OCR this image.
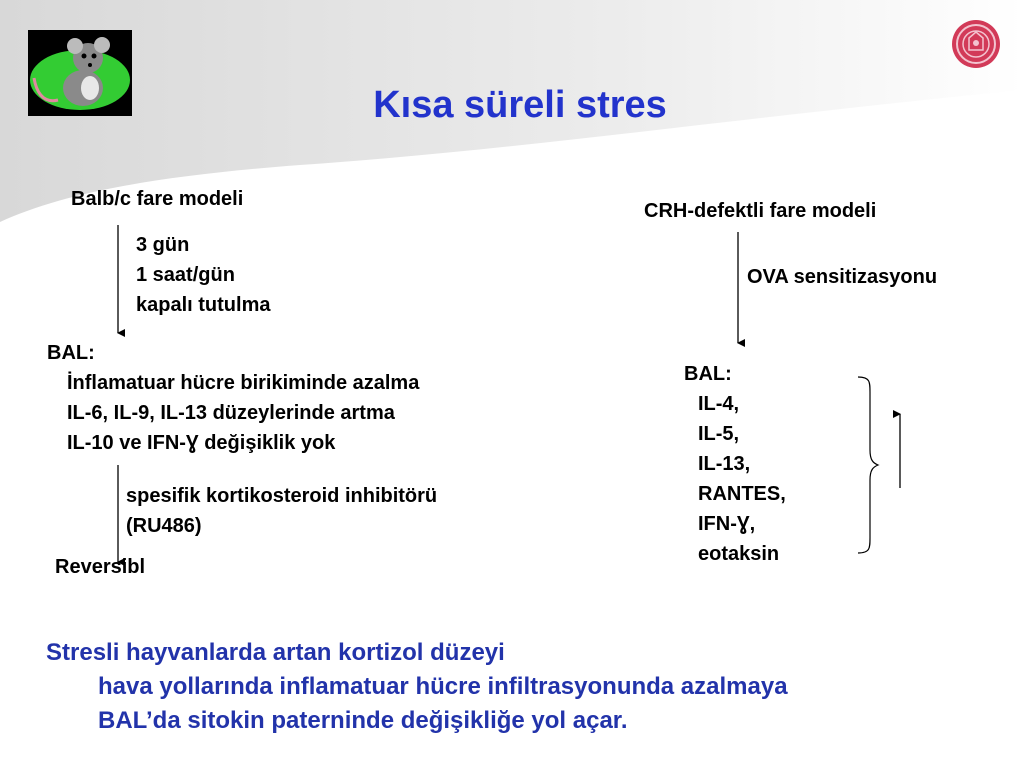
Kısa süreli stres
Balb/c fare modeli
3 gün
1 saat/gün
kapalı tutulma
BAL:
İnflamatuar hücre birikiminde azalma
IL-6, IL-9, IL-13 düzeylerinde artma
IL-10 ve IFN-Ɣ değişiklik yok
spesifik kortikosteroid inhibitörü
(RU486)
Reversibl
CRH-defektli fare modeli
OVA sensitizasyonu
BAL:
IL-4,
IL-5,
IL-13,
RANTES,
IFN-Ɣ,
eotaksin
Stresli hayvanlarda artan kortizol düzeyi
hava yollarında inflamatuar hücre infiltrasyonunda azalmaya
BAL’da sitokin paterninde değişikliğe yol açar.
